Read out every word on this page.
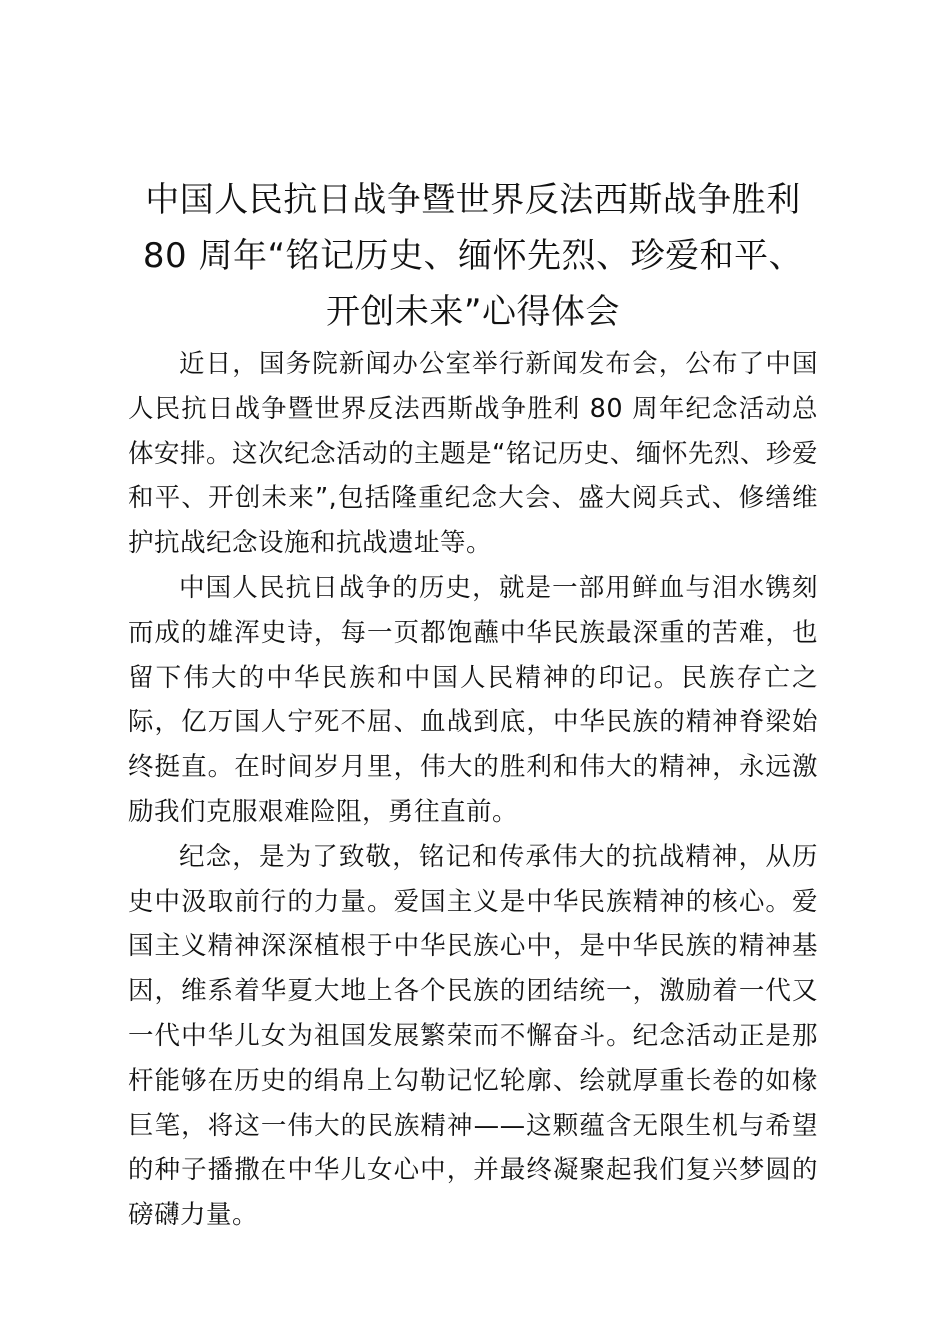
中国人民抗日战争暨世界反法西斯战争胜利
80 周年“铭记历史、缅怀先烈、珍爱和平、
开创未来”心得体会

近日，国务院新闻办公室举行新闻发布会，公布了中国人民抗日战争暨世界反法西斯战争胜利 80 周年纪念活动总体安排。这次纪念活动的主题是“铭记历史、缅怀先烈、珍爱和平、开创未来”,包括隆重纪念大会、盛大阅兵式、修缮维护抗战纪念设施和抗战遗址等。

中国人民抗日战争的历史，就是一部用鲜血与泪水镌刻而成的雄浑史诗，每一页都饱蘸中华民族最深重的苦难，也留下伟大的中华民族和中国人民精神的印记。民族存亡之际，亿万国人宁死不屈、血战到底，中华民族的精神脊梁始终挺直。在时间岁月里，伟大的胜利和伟大的精神，永远激励我们克服艰难险阻，勇往直前。

纪念，是为了致敬，铭记和传承伟大的抗战精神，从历史中汲取前行的力量。爱国主义是中华民族精神的核心。爱国主义精神深深植根于中华民族心中，是中华民族的精神基因，维系着华夏大地上各个民族的团结统一，激励着一代又一代中华儿女为祖国发展繁荣而不懈奋斗。纪念活动正是那杆能够在历史的绢帛上勾勒记忆轮廓、绘就厚重长卷的如椽巨笔，将这一伟大的民族精神——这颗蕴含无限生机与希望的种子播撒在中华儿女心中，并最终凝聚起我们复兴梦圆的磅礴力量。
